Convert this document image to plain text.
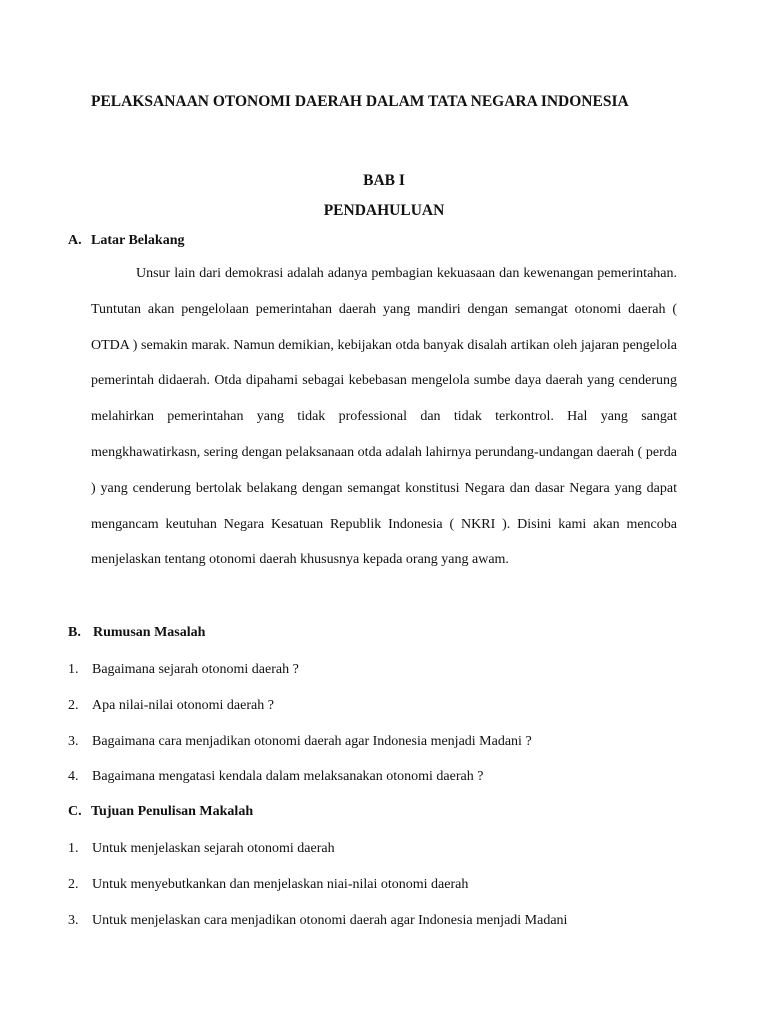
PELAKSANAAN OTONOMI DAERAH DALAM TATA NEGARA INDONESIA
BAB I
PENDAHULUAN
A. Latar Belakang

Unsur lain dari demokrasi adalah adanya pembagian kekuasaan dan kewenangan pemerintahan. Tuntutan akan pengelolaan pemerintahan daerah yang mandiri dengan semangat otonomi daerah ( OTDA ) semakin marak. Namun demikian, kebijakan otda banyak disalah artikan oleh jajaran pengelola pemerintah didaerah. Otda dipahami sebagai kebebasan mengelola sumbe daya daerah yang cenderung melahirkan pemerintahan yang tidak professional dan tidak terkontrol. Hal yang sangat mengkhawatirkasn, sering dengan pelaksanaan otda adalah lahirnya perundang-undangan daerah ( perda ) yang cenderung bertolak belakang dengan semangat konstitusi Negara dan dasar Negara yang dapat mengancam keutuhan Negara Kesatuan Republik Indonesia ( NKRI ). Disini kami akan mencoba menjelaskan tentang otonomi daerah khususnya kepada orang yang awam.

B. Rumusan Masalah
1. Bagaimana sejarah otonomi daerah ?
2. Apa nilai-nilai otonomi daerah ?
3. Bagaimana cara menjadikan otonomi daerah agar Indonesia menjadi Madani ?
4. Bagaimana mengatasi kendala dalam melaksanakan otonomi daerah ?
C. Tujuan Penulisan Makalah
1. Untuk menjelaskan sejarah otonomi daerah
2. Untuk menyebutkankan dan menjelaskan niai-nilai otonomi daerah
3. Untuk menjelaskan cara menjadikan otonomi daerah agar Indonesia menjadi Madani
